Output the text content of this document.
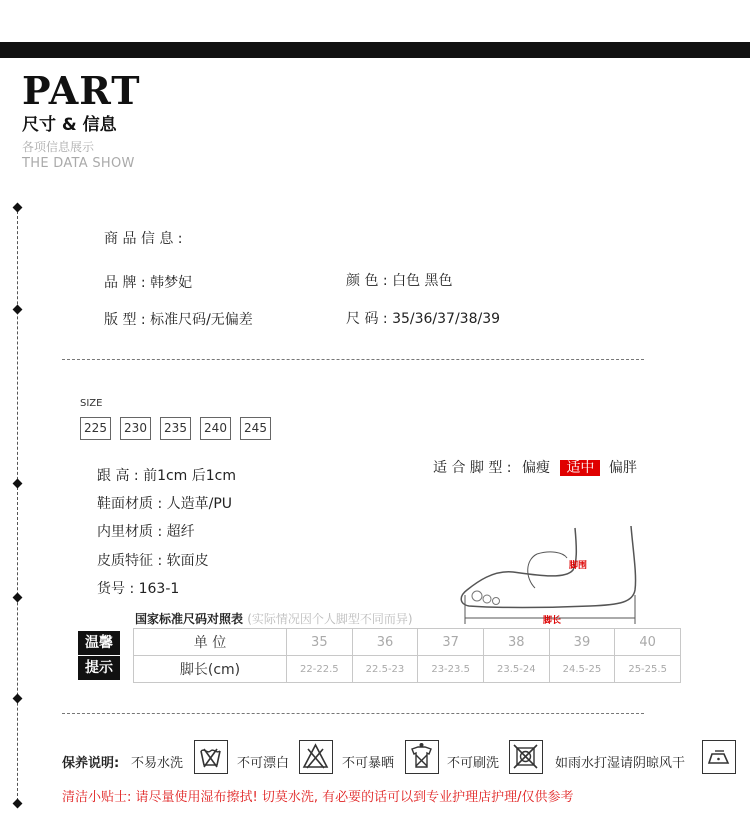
PART
尺寸 & 信息
各项信息展示
THE DATA SHOW
商 品 信 息 :
品 牌 : 韩梦妃	颜 色 : 白色 黑色
版 型 : 标准尺码/无偏差	尺 码 : 35/36/37/38/39
SIZE
225	230	235	240	245
跟 高 : 前1cm 后1cm
鞋面材质 : 人造革/PU
内里材质 : 超纤
皮质特征 : 软面皮
货号 : 163-1
适 合 脚 型 : 偏瘦 适中 偏胖
脚围
脚长
国家标准尺码对照表 (实际情况因个人脚型不同而异)
温馨
提示
单 位	35	36	37	38	39	40
脚长(cm)	22-22.5	22.5-23	23-23.5	23.5-24	24.5-25	25-25.5
保养说明: 不易水洗	不可漂白	不可暴晒	不可刷洗	如雨水打湿请阴晾风干
清洁小贴士: 请尽量使用湿布擦拭! 切莫水洗, 有必要的话可以到专业护理店护理/仅供参考
